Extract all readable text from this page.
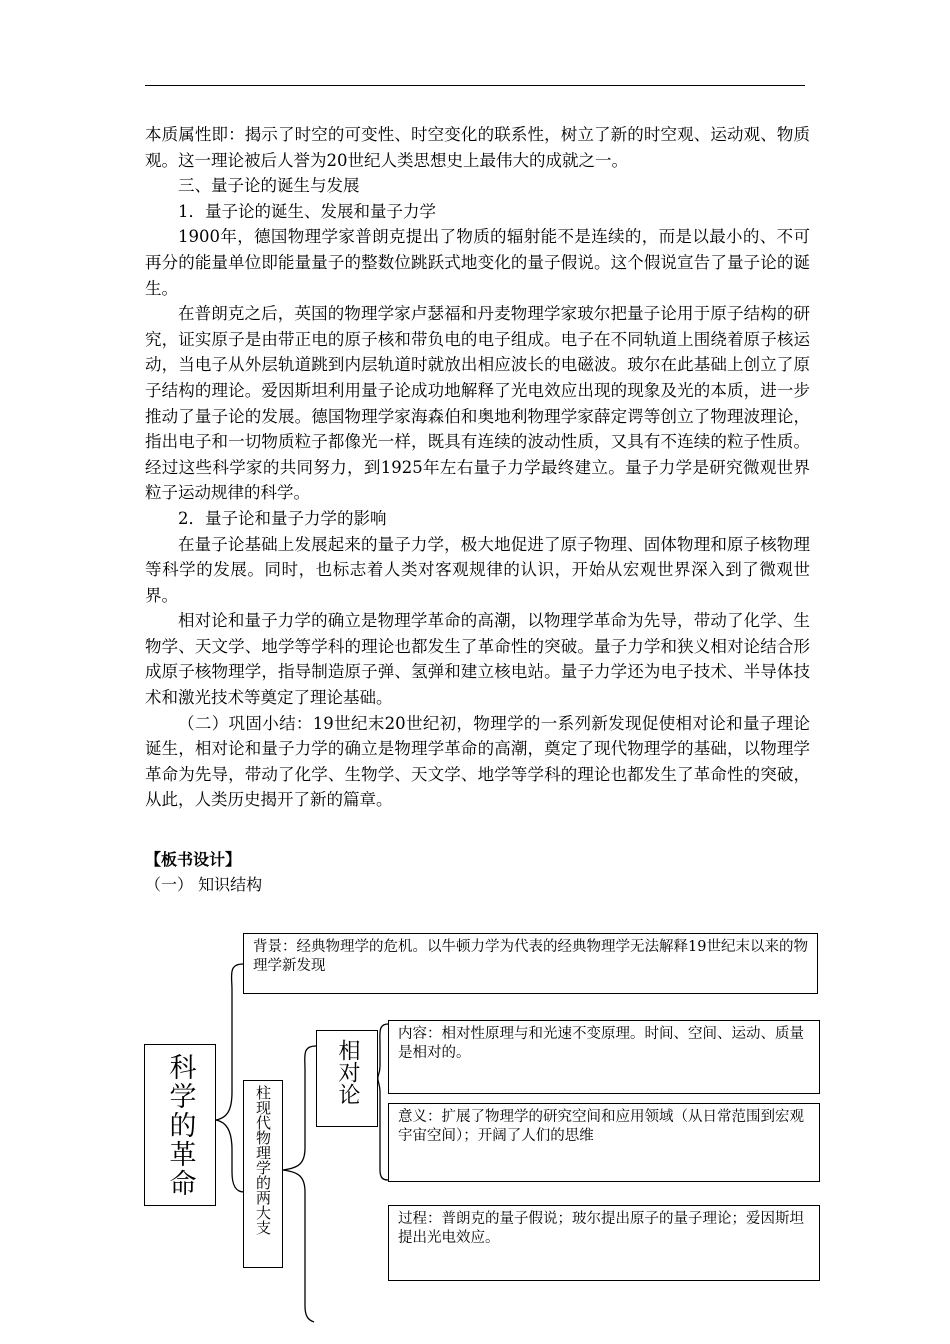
本质属性即：揭示了时空的可变性、时空变化的联系性，树立了新的时空观、运动观、物质观。这一理论被后人誉为20世纪人类思想史上最伟大的成就之一。

三、量子论的诞生与发展

1．量子论的诞生、发展和量子力学

1900年，德国物理学家普朗克提出了物质的辐射能不是连续的，而是以最小的、不可再分的能量单位即能量量子的整数位跳跃式地变化的量子假说。这个假说宣告了量子论的诞生。

在普朗克之后，英国的物理学家卢瑟福和丹麦物理学家玻尔把量子论用于原子结构的研究，证实原子是由带正电的原子核和带负电的电子组成。电子在不同轨道上围绕着原子核运动，当电子从外层轨道跳到内层轨道时就放出相应波长的电磁波。玻尔在此基础上创立了原子结构的理论。爱因斯坦利用量子论成功地解释了光电效应出现的现象及光的本质，进一步推动了量子论的发展。德国物理学家海森伯和奥地利物理学家薛定谔等创立了物理波理论，指出电子和一切物质粒子都像光一样，既具有连续的波动性质，又具有不连续的粒子性质。经过这些科学家的共同努力，到1925年左右量子力学最终建立。量子力学是研究微观世界粒子运动规律的科学。

2．量子论和量子力学的影响

在量子论基础上发展起来的量子力学，极大地促进了原子物理、固体物理和原子核物理等科学的发展。同时，也标志着人类对客观规律的认识，开始从宏观世界深入到了微观世界。

相对论和量子力学的确立是物理学革命的高潮，以物理学革命为先导，带动了化学、生物学、天文学、地学等学科的理论也都发生了革命性的突破。量子力学和狭义相对论结合形成原子核物理学，指导制造原子弹、氢弹和建立核电站。量子力学还为电子技术、半导体技术和激光技术等奠定了理论基础。

（二）巩固小结：19世纪末20世纪初，物理学的一系列新发现促使相对论和量子理论诞生，相对论和量子力学的确立是物理学革命的高潮，奠定了现代物理学的基础，以物理学革命为先导，带动了化学、生物学、天文学、地学等学科的理论也都发生了革命性的突破，从此，人类历史揭开了新的篇章。

【板书设计】
（一） 知识结构
背景：经典物理学的危机。以牛顿力学为代表的经典物理学无法解释19世纪末以来的物理学新发现
科学的革命	柱现代物理学的两大支
相对论
内容：相对性原理与和光速不变原理。时间、空间、运动、质量是相对的。
意义：扩展了物理学的研究空间和应用领域（从日常范围到宏观宇宙空间）；开阔了人们的思维
过程：普朗克的量子假说；玻尔提出原子的量子理论；爱因斯坦提出光电效应。
